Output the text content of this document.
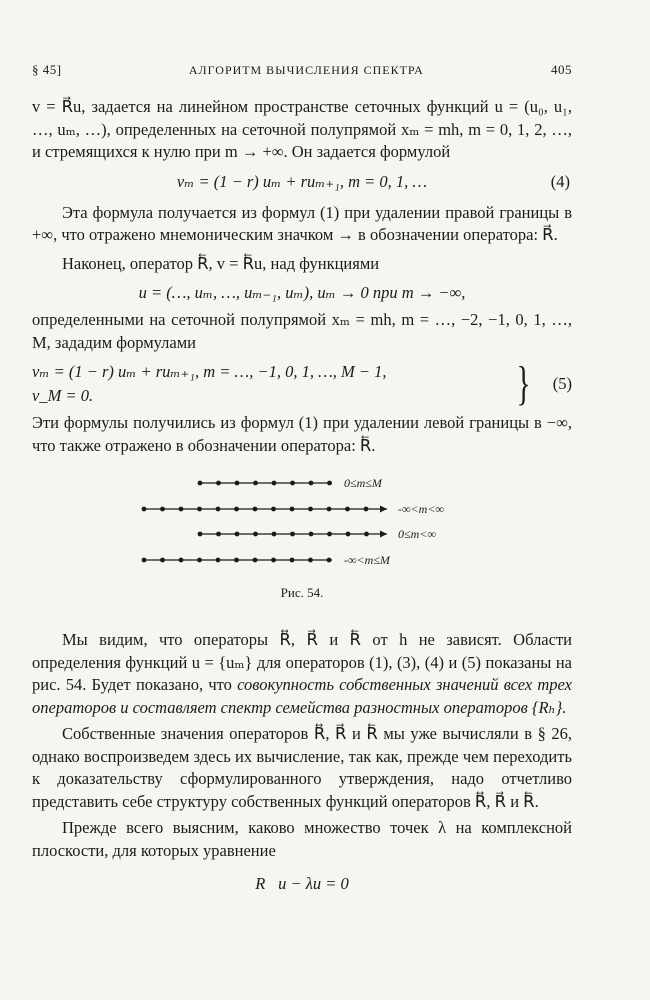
§ 45]	АЛГОРИТМ ВЫЧИСЛЕНИЯ СПЕКТРА	405

v = R⃗u, задается на линейном пространстве сеточных функций u = (u₀, u₁, …, uₘ, …), определенных на сеточной полупрямой xₘ = mh, m = 0, 1, 2, …, и стремящихся к нулю при m → +∞. Он задается формулой

vₘ = (1 − r) uₘ + ruₘ₊₁, m = 0, 1, …	(4)

Эта формула получается из формул (1) при удалении правой границы в +∞, что отражено мнемоническим значком → в обозначении оператора: R⃗.

Наконец, оператор R⃖, v = R⃖u, над функциями

u = (…, uₘ, …, uₘ₋₁, uₘ), uₘ → 0 при m → −∞,

определенными на сеточной полупрямой xₘ = mh, m = …, −2, −1, 0, 1, …, M, зададим формулами

vₘ = (1 − r) uₘ + ruₘ₊₁, m = …, −1, 0, 1, …, M − 1,
v_M = 0.	} (5)

Эти формулы получились из формул (1) при удалении левой границы в −∞, что также отражено в обозначении оператора: R⃖.

0≤m≤M
-∞<m<∞
0≤m<∞
-∞<m≤M
Рис. 54.

Мы видим, что операторы R⃡, R⃗ и R⃖ от h не зависят. Области определения функций u = {uₘ} для операторов (1), (3), (4) и (5) показаны на рис. 54. Будет показано, что совокупность собственных значений всех трех операторов и составляет спектр семейства разностных операторов {Rₕ}.

Собственные значения операторов R⃡, R⃗ и R⃖ мы уже вычисляли в § 26, однако воспроизведем здесь их вычисление, так как, прежде чем переходить к доказательству сформулированного утверждения, надо отчетливо представить себе структуру собственных функций операторов R⃡, R⃗ и R⃖.

Прежде всего выясним, каково множество точек λ на комплексной плоскости, для которых уравнение

R⃡u − λu = 0
